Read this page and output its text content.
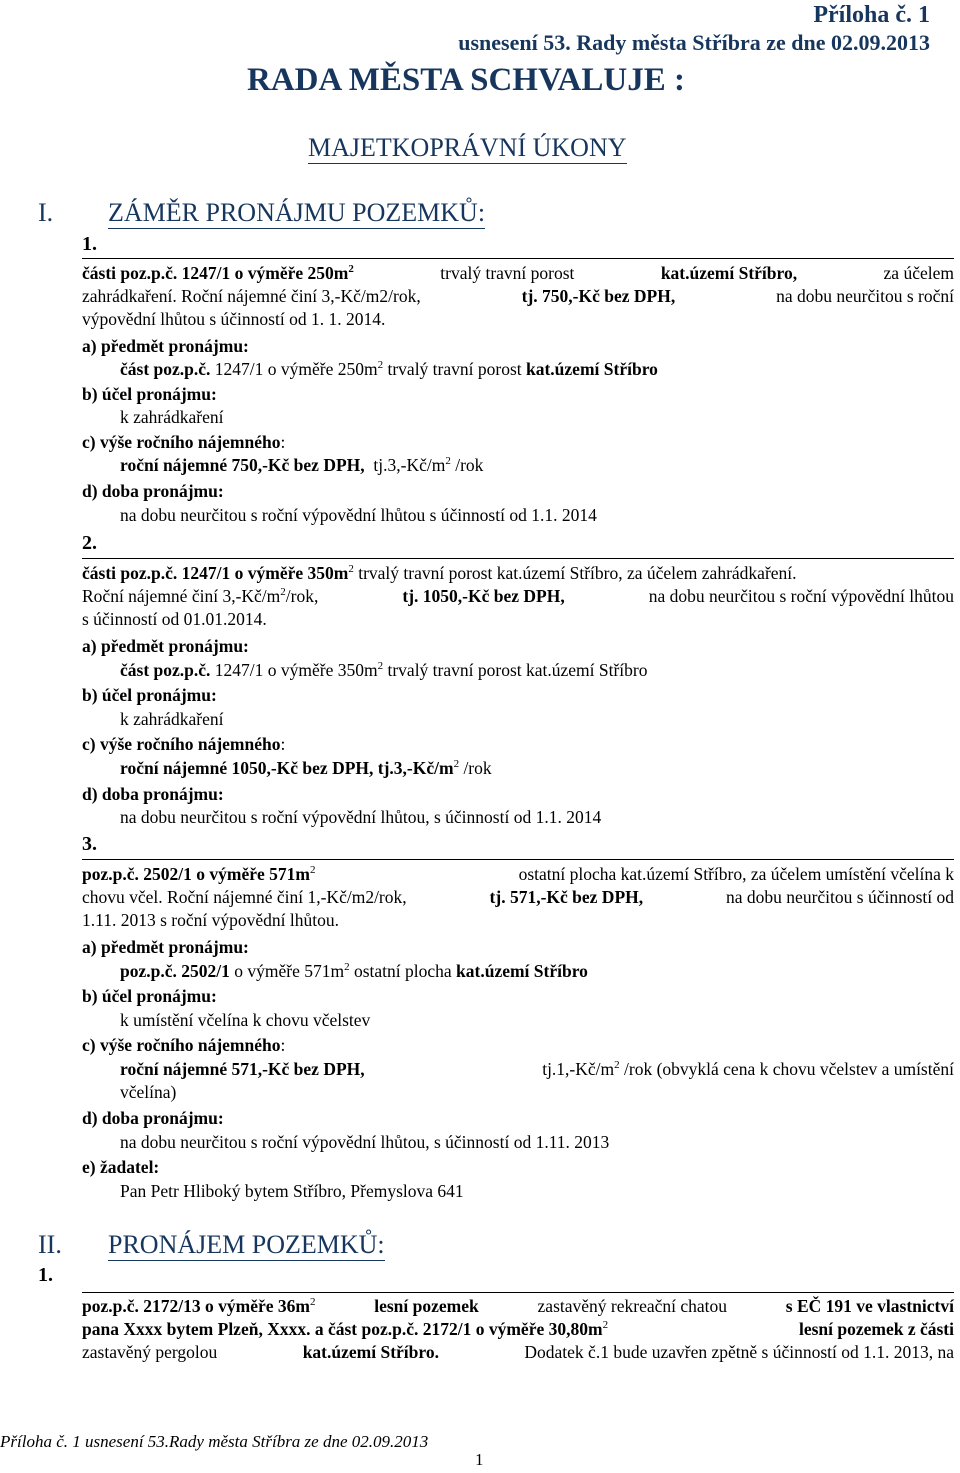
Příloha č. 1
usnesení 53. Rady města Stříbra ze dne 02.09.2013
RADA MĚSTA SCHVALUJE :
MAJETKOPRÁVNÍ ÚKONY
I. ZÁMĚR PRONÁJMU POZEMKŮ:
1.
části poz.p.č. 1247/1 o výměře $250m^2$	trvalý travní porost	kat.území Stříbro,	za účelem
zahrádkaření. Roční nájemné činí 3,-Kč/m2/rok,	tj. 750,-Kč bez DPH,	na dobu neurčitou s roční
výpovědní lhůtou s účinností od 1. 1. 2014.
a) předmět pronájmu:
část poz.p.č. 1247/1 o výměře $250m^2$ trvalý travní porost kat.území Stříbro
b) účel pronájmu:
k zahrádkaření
c) výše ročního nájemného:
roční nájemné 750,-Kč bez DPH, $tj.3,-Kč/m^2$ /rok
d) doba pronájmu:
na dobu neurčitou s roční výpovědní lhůtou s účinností od 1.1. 2014
2.
části poz.p.č. 1247/1 o výměře $350m^2$ trvalý travní porost kat.území Stříbro, za účelem zahrádkaření.
Roční nájemné činí $3,-Kč/m^2$/rok,	tj. 1050,-Kč bez DPH,	na dobu neurčitou s roční výpovědní lhůtou
s účinností od 01.01.2014.
a) předmět pronájmu:
část poz.p.č. 1247/1 o výměře $350m^2$ trvalý travní porost kat.území Stříbro
b) účel pronájmu:
k zahrádkaření
c) výše ročního nájemného:
roční nájemné 1050,-Kč bez DPH, $tj.3,-Kč/m^2$ /rok
d) doba pronájmu:
na dobu neurčitou s roční výpovědní lhůtou, s účinností od 1.1. 2014
3.
poz.p.č. 2502/1 o výměře $571m^2$	ostatní plocha kat.území Stříbro, za účelem umístění včelína k
chovu včel. Roční nájemné činí 1,-Kč/m2/rok,	tj. 571,-Kč bez DPH,	na dobu neurčitou s účinností od
1.11. 2013 s roční výpovědní lhůtou.
a) předmět pronájmu:
poz.p.č. 2502/1 o výměře $571m^2$ ostatní plocha kat.území Stříbro
b) účel pronájmu:
k umístění včelína k chovu včelstev
c) výše ročního nájemného:
roční nájemné 571,-Kč bez DPH,	$tj.1,-Kč/m^2$ /rok (obvyklá cena k chovu včelstev a umístění
včelína)
d) doba pronájmu:
na dobu neurčitou s roční výpovědní lhůtou, s účinností od 1.11. 2013
e) žadatel:
Pan Petr Hliboký bytem Stříbro, Přemyslova 641
II. PRONÁJEM POZEMKŮ:
1.
poz.p.č. 2172/13 o výměře $36m^2$	lesní pozemek	zastavěný rekreační chatou	s EČ 191 ve vlastnictví
pana Xxxx bytem Plzeň, Xxxx. a část poz.p.č. 2172/1 o výměře $30,80m^2$	lesní pozemek z části
zastavěný pergolou	kat.území Stříbro.	Dodatek č.1 bude uzavřen zpětně s účinností od 1.1. 2013, na
Příloha č. 1 usnesení 53.Rady města Stříbra ze dne 02.09.2013
1
